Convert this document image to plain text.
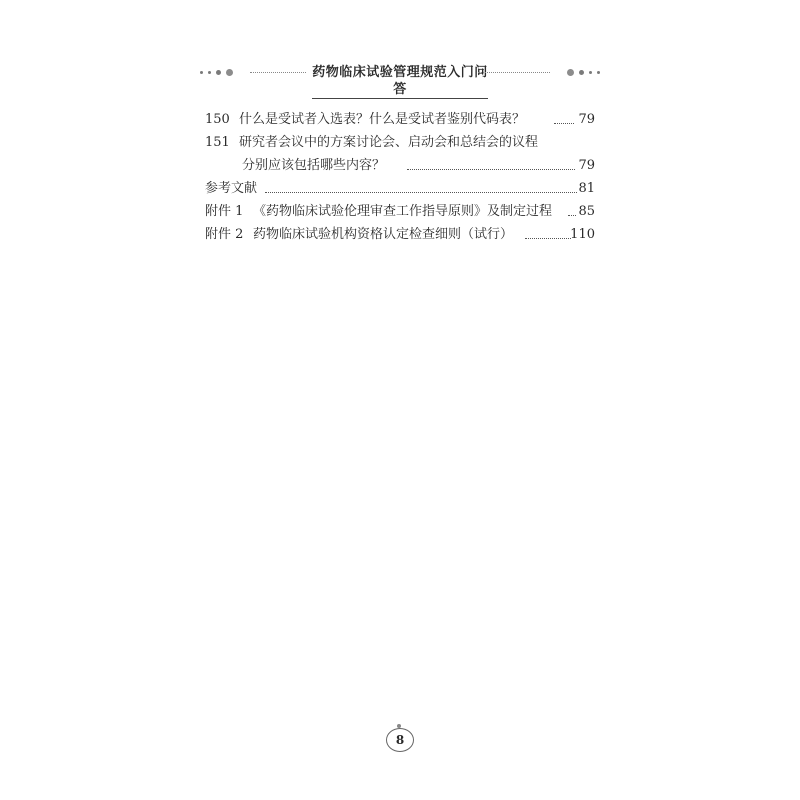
药物临床试验管理规范入门问答
150 什么是受试者入选表？什么是受试者鉴别代码表？	79
151 研究者会议中的方案讨论会、启动会和总结会的议程
分别应该包括哪些内容？	79
参考文献	81
附件 1 《药物临床试验伦理审查工作指导原则》及制定过程 85
附件 2 药物临床试验机构资格认定检查细则（试行）	110
8
